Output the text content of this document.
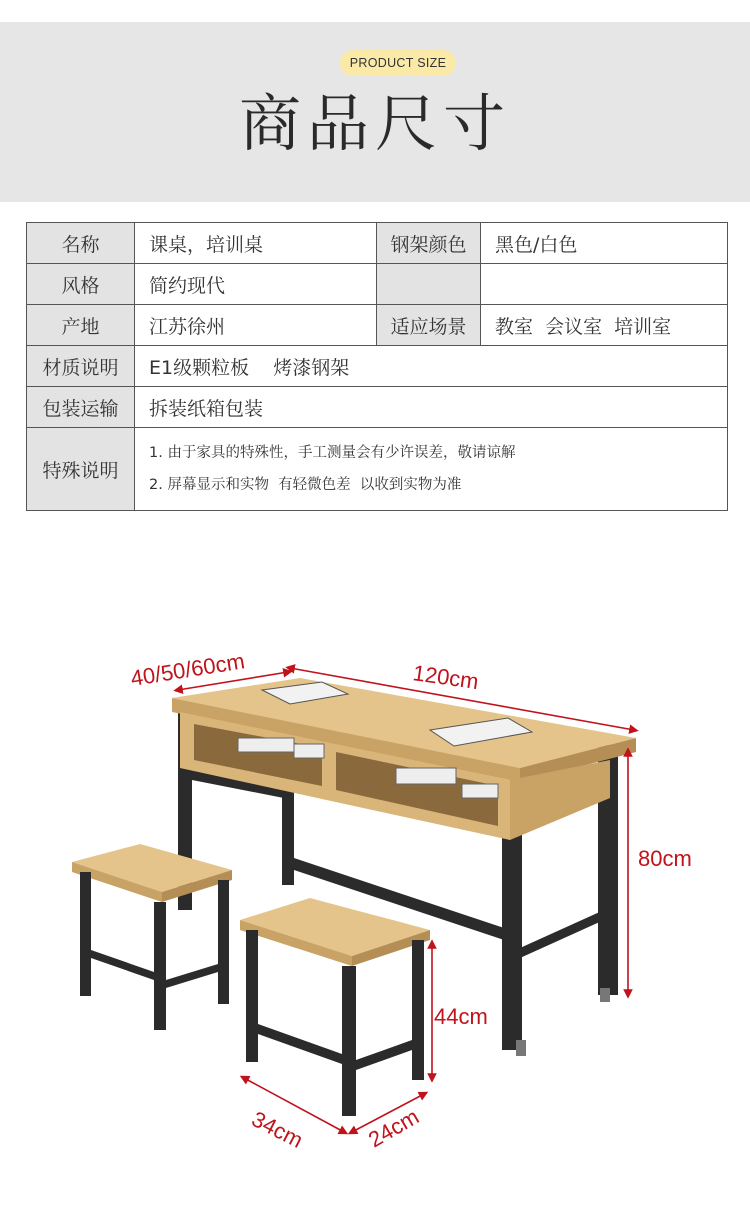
PRODUCT SIZE
商品尺寸
名称	课桌，培训桌	钢架颜色	黑色/白色
风格	简约现代		
产地	江苏徐州	适应场景	教室  会议室  培训室
材质说明	E1级颗粒板    烤漆钢架		
包装运输	拆装纸箱包装		
特殊说明	1. 由于家具的特殊性，手工测量会有少许误差，敬请谅解
2. 屏幕显示和实物  有轻微色差  以收到实物为准		
40/50/60cm	120cm
80cm
44cm
34cm	24cm
